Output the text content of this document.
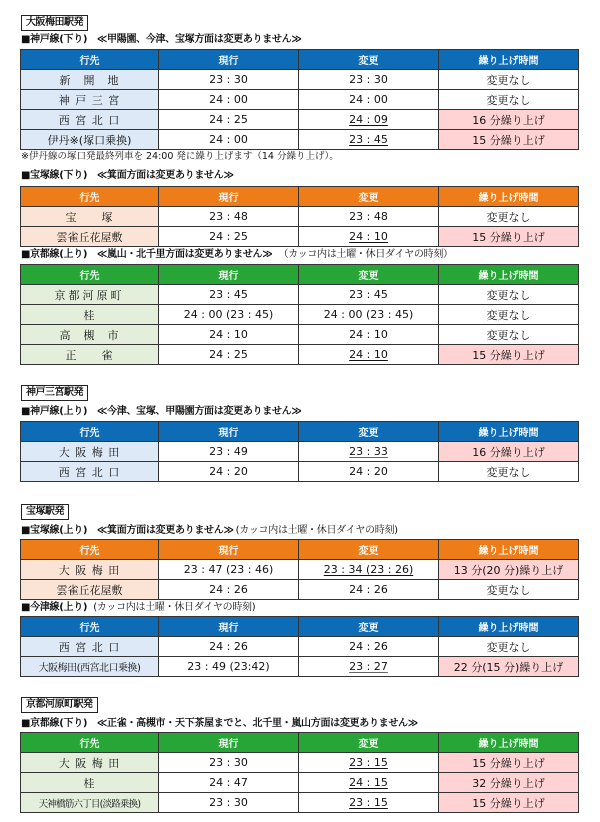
大阪梅田駅発
■神戸線(下り)　≪甲陽園、今津、宝塚方面は変更ありません≫
行先	現行	変更	繰り上げ時間
新　開　地	23 : 30	23 : 30	変更なし
神 戸 三 宮	24 : 00	24 : 00	変更なし
西 宮 北 口	24 : 25	24 : 09	16 分繰り上げ
伊丹※(塚口乗換)	24 : 00	23 : 45	15 分繰り上げ
※伊丹線の塚口発最終列車を 24:00 発に繰り上げます（14 分繰り上げ）。
■宝塚線(下り)　≪箕面方面は変更ありません≫
行先	現行	変更	繰り上げ時間
宝　　塚	23 : 48	23 : 48	変更なし
雲雀丘花屋敷	24 : 25	24 : 10	15 分繰り上げ
■京都線(上り)　≪嵐山・北千里方面は変更ありません≫ （カッコ内は土曜・休日ダイヤの時刻）
行先	現行	変更	繰り上げ時間
京都河原町	23 : 45	23 : 45	変更なし
桂	24 : 00 (23 : 45)	24 : 00 (23 : 45)	変更なし
高　槻　市	24 : 10	24 : 10	変更なし
正　　雀	24 : 25	24 : 10	15 分繰り上げ
神戸三宮駅発
■神戸線(上り)　≪今津、宝塚、甲陽園方面は変更ありません≫
行先	現行	変更	繰り上げ時間
大 阪 梅 田	23 : 49	23 : 33	16 分繰り上げ
西 宮 北 口	24 : 20	24 : 20	変更なし
宝塚駅発
■宝塚線(上り)　≪箕面方面は変更ありません≫ (カッコ内は土曜・休日ダイヤの時刻)
行先	現行	変更	繰り上げ時間
大 阪 梅 田	23 : 47 (23 : 46)	23 : 34 (23 : 26)	13 分(20 分)繰り上げ
雲雀丘花屋敷	24 : 26	24 : 26	変更なし
■今津線(上り) (カッコ内は土曜・休日ダイヤの時刻)
行先	現行	変更	繰り上げ時間
西 宮 北 口	24 : 26	24 : 26	変更なし
大阪梅田(西宮北口乗換)	23 : 49 (23:42)	23 : 27	22 分(15 分)繰り上げ
京都河原町駅発
■京都線(下り)　≪正雀・高槻市・天下茶屋までと、北千里・嵐山方面は変更ありません≫
行先	現行	変更	繰り上げ時間
大 阪 梅 田	23 : 30	23 : 15	15 分繰り上げ
桂	24 : 47	24 : 15	32 分繰り上げ
天神橋筋六丁目(淡路乗換)	23 : 30	23 : 15	15 分繰り上げ
